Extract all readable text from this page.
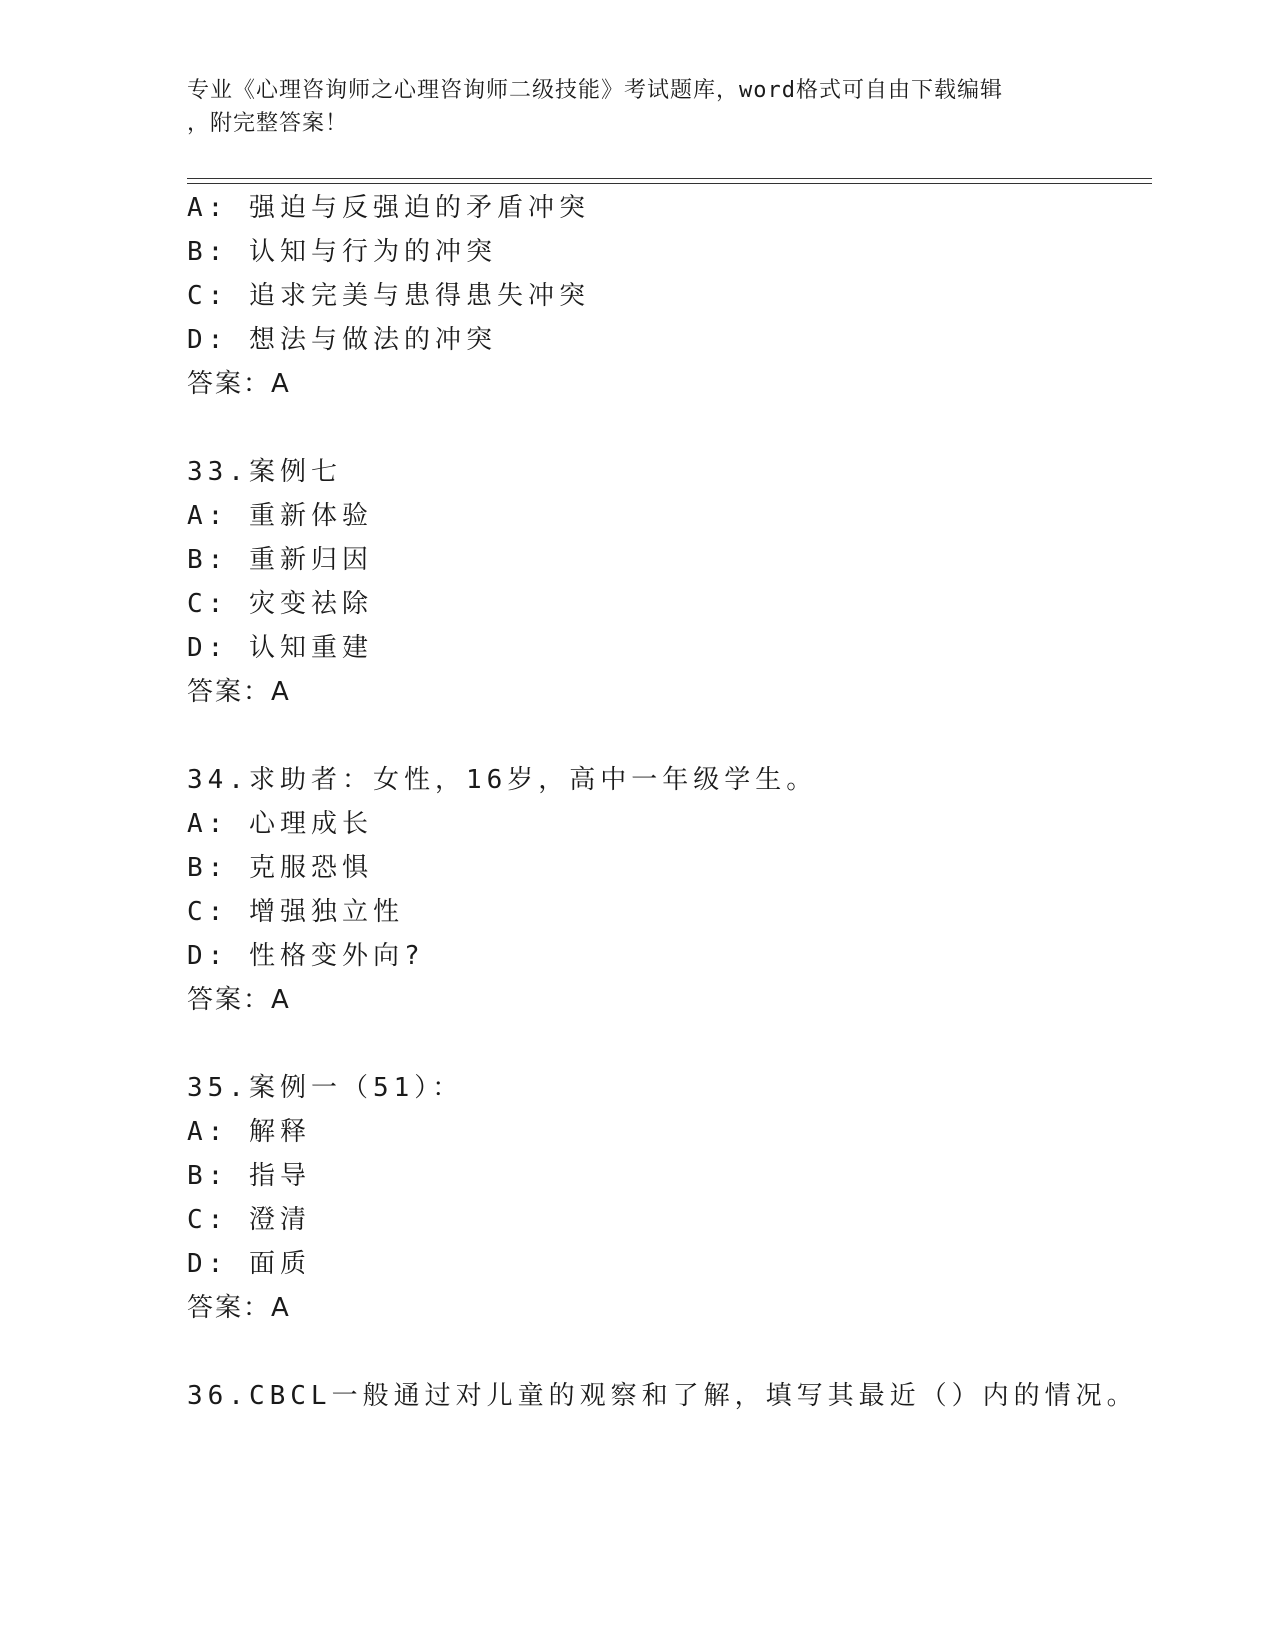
专业《心理咨询师之心理咨询师二级技能》考试题库，word格式可自由下载编辑
，附完整答案！
A: 强迫与反强迫的矛盾冲突
B: 认知与行为的冲突
C: 追求完美与患得患失冲突
D: 想法与做法的冲突
答案：A
33.案例七
A: 重新体验
B: 重新归因
C: 灾变祛除
D: 认知重建
答案：A
34.求助者：女性，16岁，高中一年级学生。
A: 心理成长
B: 克服恐惧
C: 增强独立性
D: 性格变外向?
答案：A
35.案例一（51）：
A: 解释
B: 指导
C: 澄清
D: 面质
答案：A
36.CBCL一般通过对儿童的观察和了解，填写其最近（）内的情况。
